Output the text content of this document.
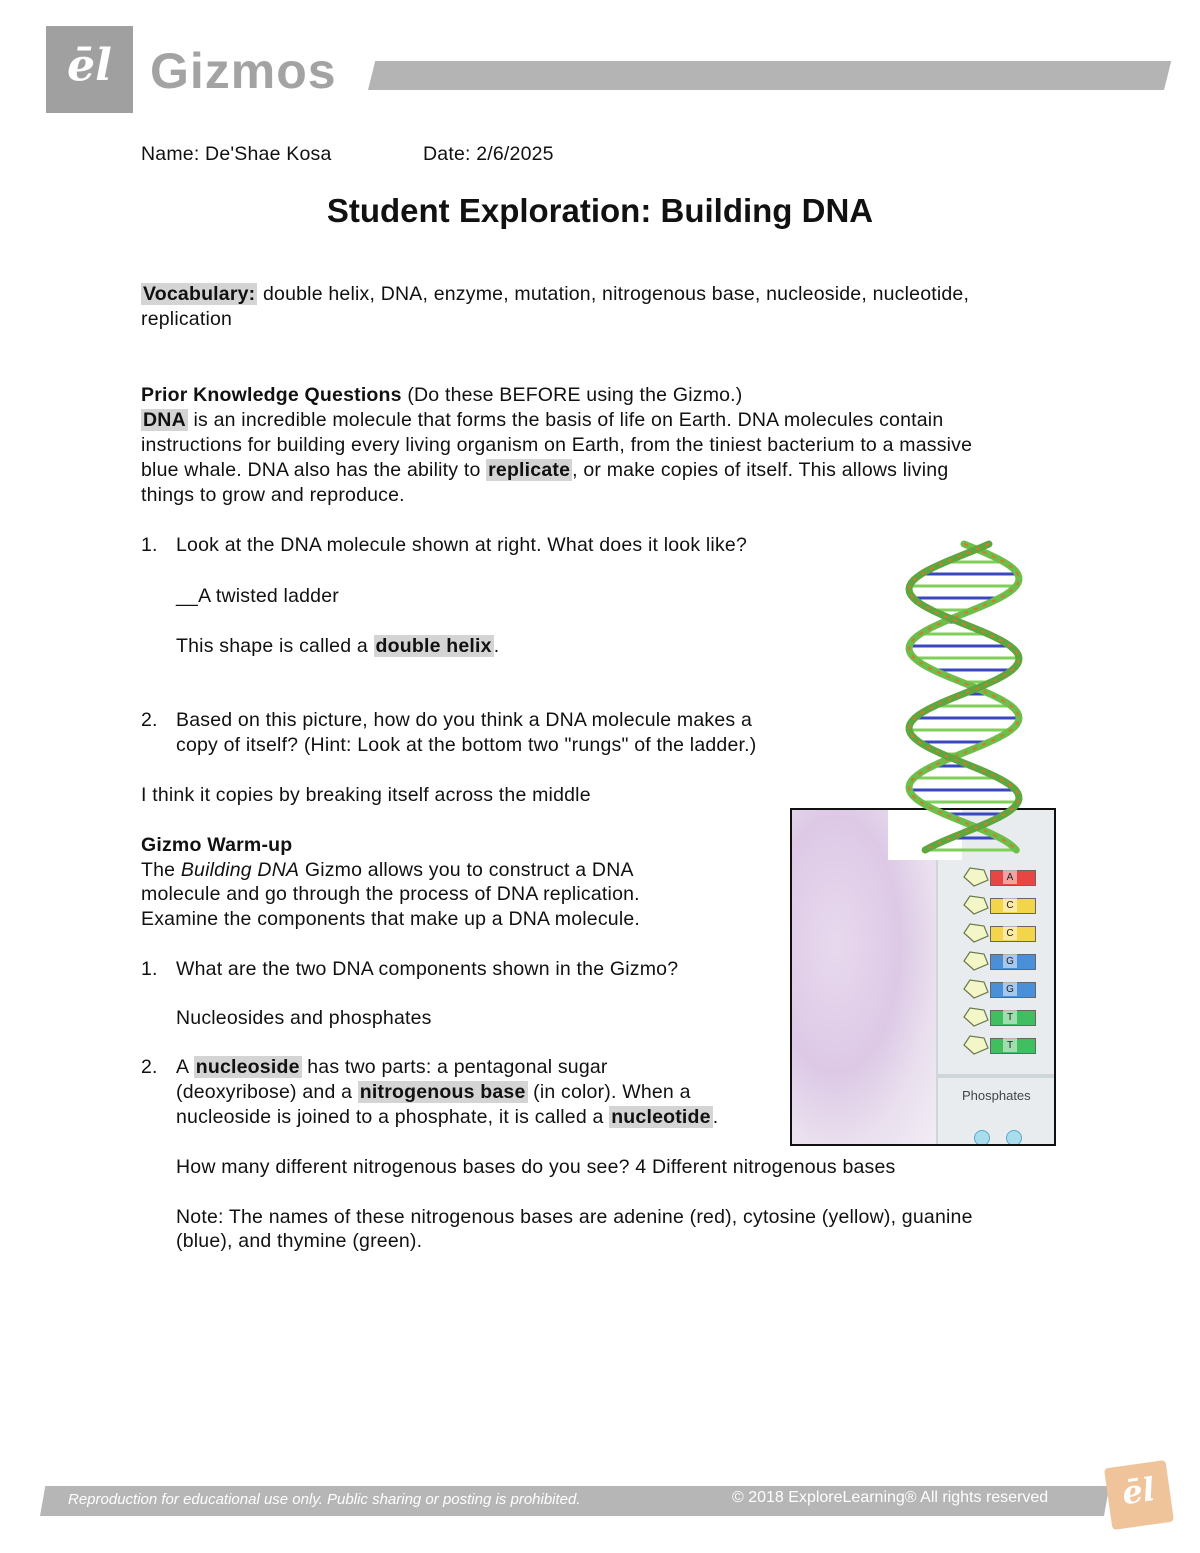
ēl Gizmos
Name: De'Shae Kosa	Date: 2/6/2025
Student Exploration: Building DNA
Vocabulary: double helix, DNA, enzyme, mutation, nitrogenous base, nucleoside, nucleotide,
replication
Prior Knowledge Questions (Do these BEFORE using the Gizmo.)
DNA is an incredible molecule that forms the basis of life on Earth. DNA molecules contain
instructions for building every living organism on Earth, from the tiniest bacterium to a massive
blue whale. DNA also has the ability to replicate , or make copies of itself. This allows living
things to grow and reproduce.
1. Look at the DNA molecule shown at right. What does it look like?
__A twisted ladder
This shape is called a double helix .
2. Based on this picture, how do you think a DNA molecule makes a
copy of itself? (Hint: Look at the bottom two "rungs" of the ladder.)
I think it copies by breaking itself across the middle
Gizmo Warm-up
The Building DNA Gizmo allows you to construct a DNA
molecule and go through the process of DNA replication.
Examine the components that make up a DNA molecule.
1. What are the two DNA components shown in the Gizmo?
Nucleosides and phosphates
2. A nucleoside has two parts: a pentagonal sugar
(deoxyribose) and a nitrogenous base (in color). When a
nucleoside is joined to a phosphate, it is called a nucleotide .
How many different nitrogenous bases do you see? 4 Different nitrogenous bases
Note: The names of these nitrogenous bases are adenine (red), cytosine (yellow), guanine
(blue), and thymine (green).
Phosphates
A
C
C
G
G
T
T
Reproduction for educational use only. Public sharing or posting is prohibited.	© 2018 ExploreLearning® All rights reserved	ēl
